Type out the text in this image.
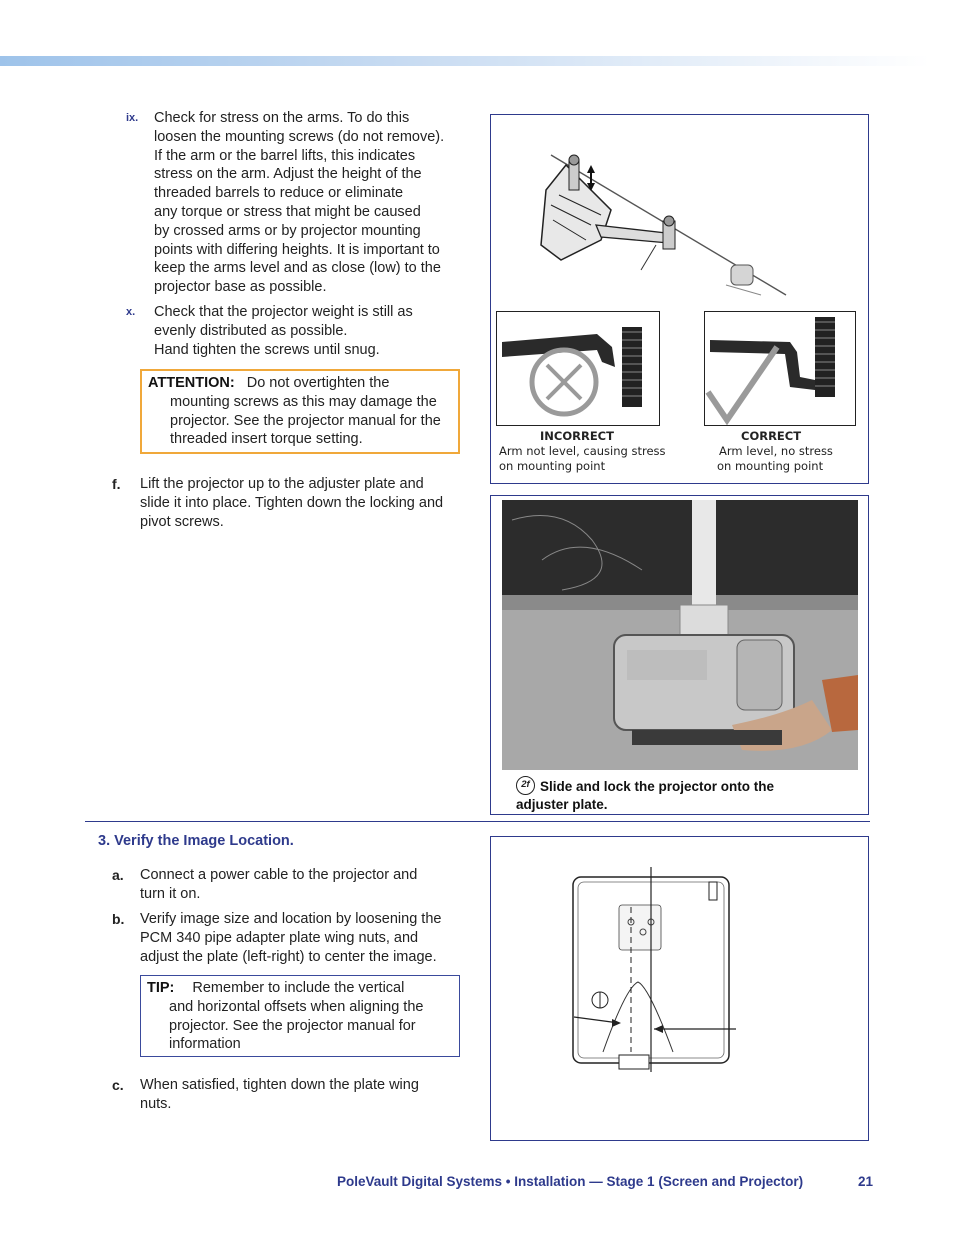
ix. Check for stress on the arms. To do this
loosen the mounting screws (do not remove).
If the arm or the barrel lifts, this indicates
stress on the arm. Adjust the height of the
threaded barrels to reduce or eliminate
any torque or stress that might be caused
by crossed arms or by projector mounting
points with differing heights. It is important to
keep the arms level and as close (low) to the
projector base as possible.
x. Check that the projector weight is still as
evenly distributed as possible.
Hand tighten the screws until snug.
ATTENTION: Do not overtighten the
mounting screws as this may damage the
projector. See the projector manual for the
threaded insert torque setting.
f. Lift the projector up to the adjuster plate and
slide it into place. Tighten down the locking and
pivot screws.
INCORRECT
Arm not level, causing stress
on mounting point
CORRECT
Arm level, no stress
on mounting point
2f Slide and lock the projector onto the
adjuster plate.
3. Verify the Image Location.
a. Connect a power cable to the projector and
turn it on.
b. Verify image size and location by loosening the
PCM 340 pipe adapter plate wing nuts, and
adjust the plate (left-right) to center the image.
TIP: Remember to include the vertical
and horizontal offsets when aligning the
projector. See the projector manual for
information
c. When satisfied, tighten down the plate wing
nuts.
PoleVault Digital Systems • Installation — Stage 1 (Screen and Projector)	21
